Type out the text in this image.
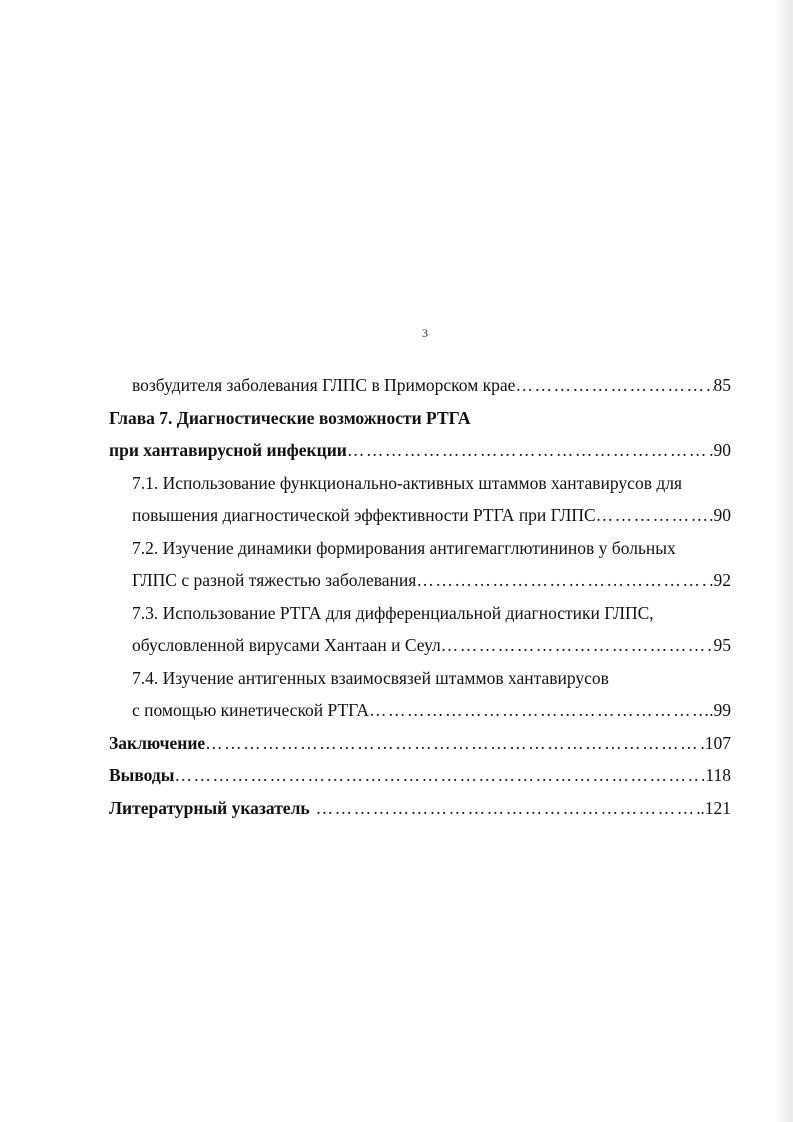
3
возбудителя заболевания ГЛПС в Приморском крае ………………………………………………………………………………………………………………………………………………………	85
Глава 7. Диагностические возможности РТГА
при хантавирусной инфекции ………………………………………………………………………………………………………………………………………………………	.90
7.1. Использование функционально-активных штаммов хантавирусов для
повышения диагностической эффективности РТГА при ГЛПС ………………………………………………………………………………………………………………………………………………………	.90
7.2. Изучение динамики формирования антигемагглютининов у больных
ГЛПС с разной тяжестью заболевания ………………………………………………………………………………………………………………………………………………………	.92
7.3. Использование РТГА для дифференциальной диагностики ГЛПС,
обусловленной вирусами Хантаан и Сеул ………………………………………………………………………………………………………………………………………………………	95
7.4. Изучение антигенных взаимосвязей штаммов хантавирусов
с помощью кинетической РТГА ………………………………………………………………………………………………………………………………………………………	.99
Заключение ………………………………………………………………………………………………………………………………………………………	.107
Выводы ………………………………………………………………………………………………………………………………………………………	.118
Литературный указатель ………………………………………………………………………………………………………………………………………………………	.121
